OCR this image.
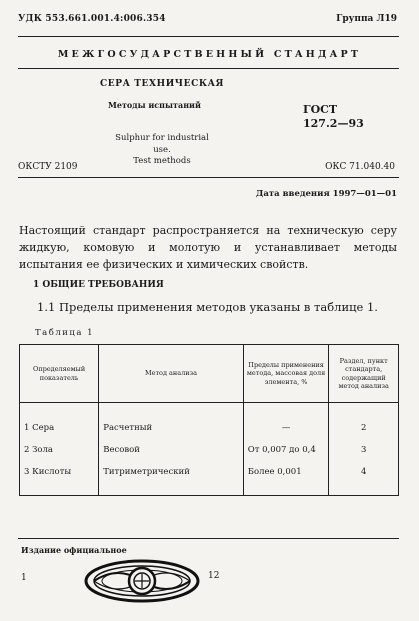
УДК 553.661.001.4:006.354	Группа Л19
МЕЖГОСУДАРСТВЕННЫЙ СТАНДАРТ
СЕРА ТЕХНИЧЕСКАЯ
Методы испытаний	ГОСТ
127.2—93
Sulphur for industrial use.
Test methods
ОКСТУ 2109	ОКС 71.040.40
Дата введения 1997—01—01
Настоящий стандарт распространяется на техническую серу жидкую, комовую и молотую и устанавливает методы испытания ее физических и химических свойств.
1 ОБЩИЕ ТРЕБОВАНИЯ
1.1 Пределы применения методов указаны в таблице 1.
Таблица 1
Определяемый показатель	Метод анализа	Пределы применения метода, массовая доля элемента, %	Раздел, пункт стандарта, содержащий метод анализа
1 Сера	Расчетный	—	2
2 Зола	Весовой	От 0,007 до 0,4	3
3 Кислоты	Титриметрический	Более 0,001	4
Издание официальное
1	12
